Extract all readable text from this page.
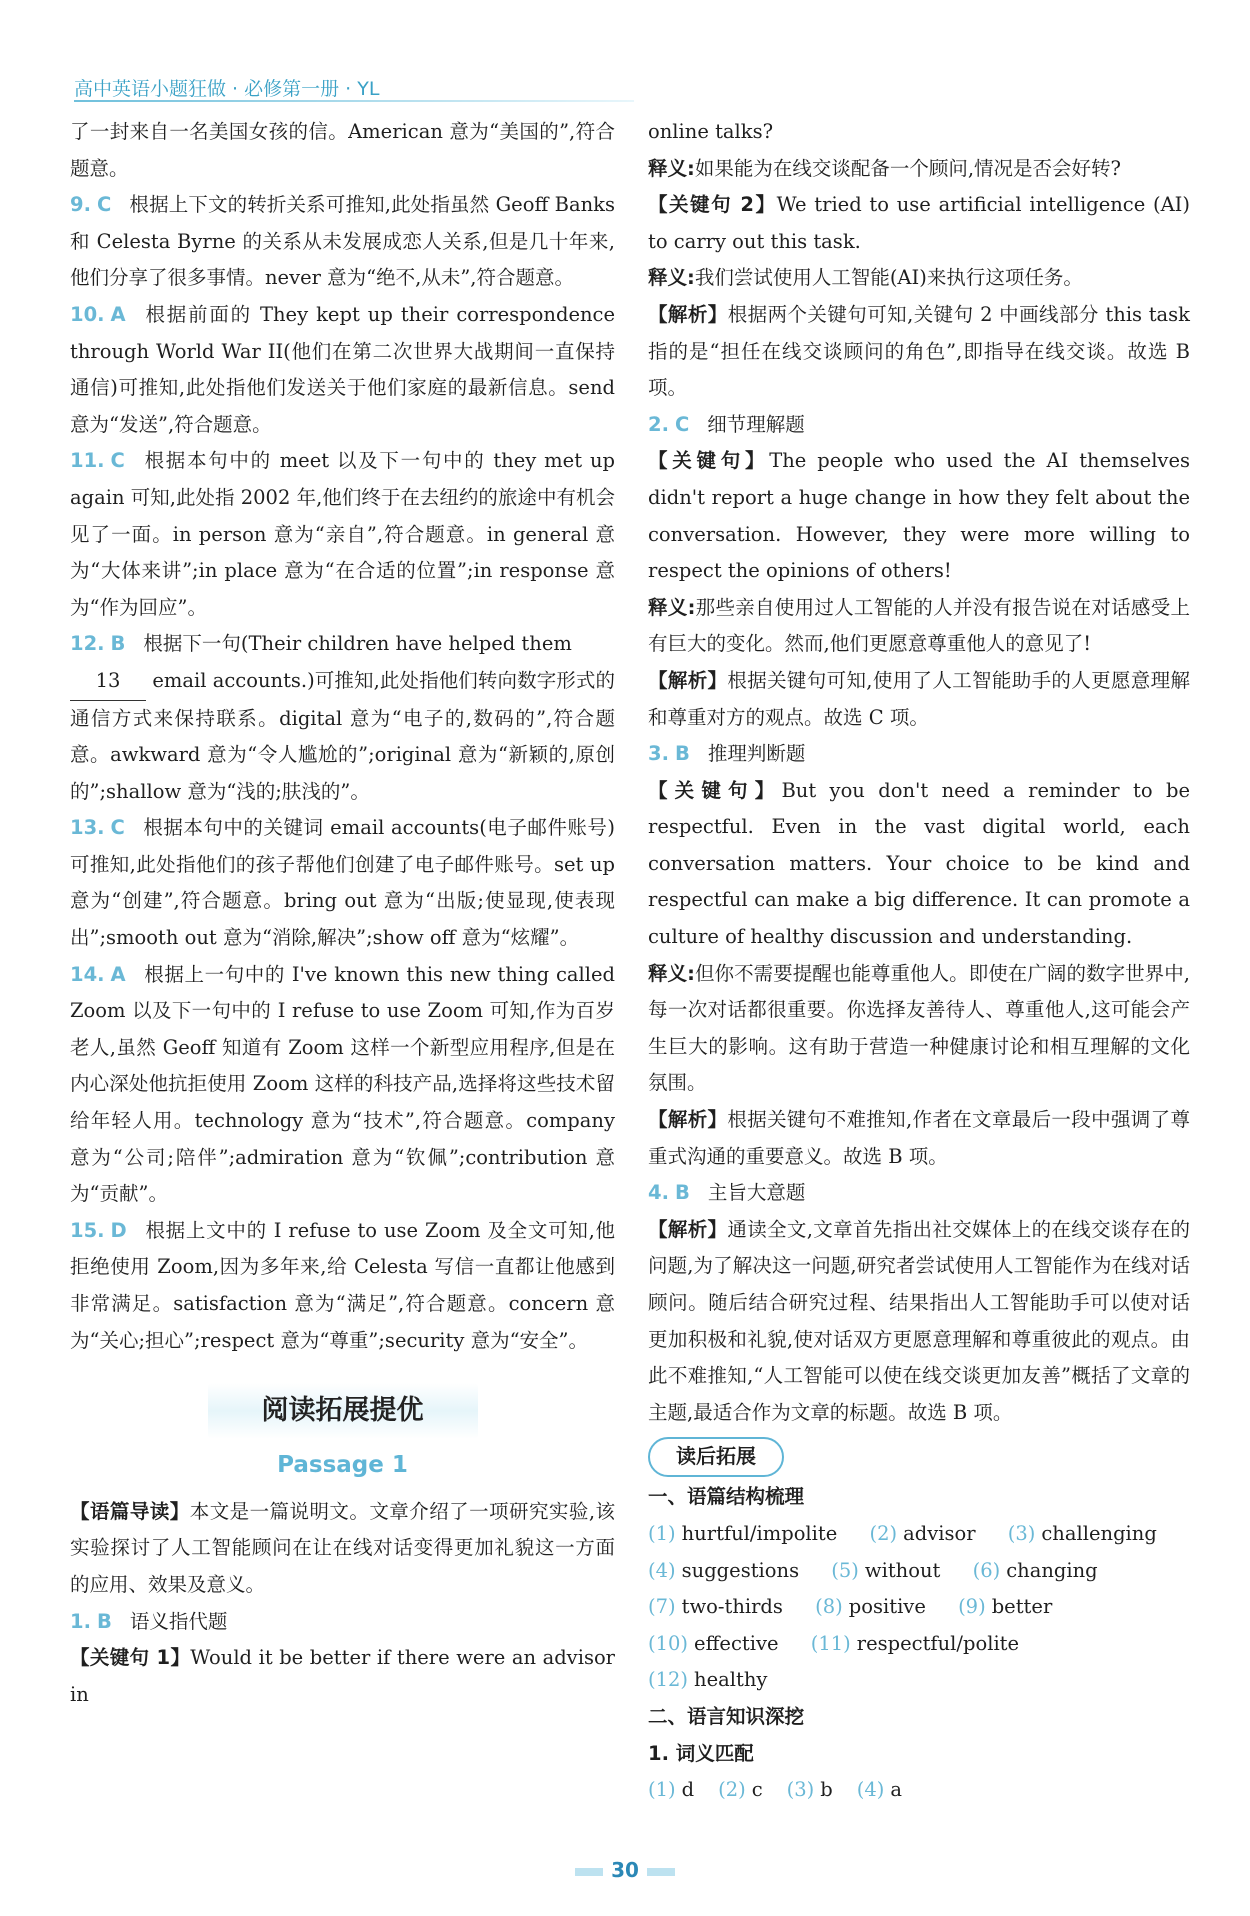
高中英语小题狂做 · 必修第一册 · YL

了一封来自一名美国女孩的信。American 意为“美国的”,符合题意。

9. C 根据上下文的转折关系可推知,此处指虽然 Geoff Banks 和 Celesta Byrne 的关系从未发展成恋人关系,但是几十年来,他们分享了很多事情。never 意为“绝不,从未”,符合题意。

10. A 根据前面的 They kept up their correspondence through World War II(他们在第二次世界大战期间一直保持通信)可推知,此处指他们发送关于他们家庭的最新信息。send 意为“发送”,符合题意。

11. C 根据本句中的 meet 以及下一句中的 they met up again 可知,此处指 2002 年,他们终于在去纽约的旅途中有机会见了一面。in person 意为“亲自”,符合题意。in general 意为“大体来讲”;in place 意为“在合适的位置”;in response 意为“作为回应”。

12. B 根据下一句(Their children have helped them
13 email accounts.)可推知,此处指他们转向数字形式的通信方式来保持联系。digital 意为“电子的,数码的”,符合题意。awkward 意为“令人尴尬的”;original 意为“新颖的,原创的”;shallow 意为“浅的;肤浅的”。

13. C 根据本句中的关键词 email accounts(电子邮件账号)可推知,此处指他们的孩子帮他们创建了电子邮件账号。set up 意为“创建”,符合题意。bring out 意为“出版;使显现,使表现出”;smooth out 意为“消除,解决”;show off 意为“炫耀”。

14. A 根据上一句中的 I've known this new thing called Zoom 以及下一句中的 I refuse to use Zoom 可知,作为百岁老人,虽然 Geoff 知道有 Zoom 这样一个新型应用程序,但是在内心深处他抗拒使用 Zoom 这样的科技产品,选择将这些技术留给年轻人用。technology 意为“技术”,符合题意。company 意为“公司;陪伴”;admiration 意为“钦佩”;contribution 意为“贡献”。

15. D 根据上文中的 I refuse to use Zoom 及全文可知,他拒绝使用 Zoom,因为多年来,给 Celesta 写信一直都让他感到非常满足。satisfaction 意为“满足”,符合题意。concern 意为“关心;担心”;respect 意为“尊重”;security 意为“安全”。

阅读拓展提优
Passage 1

【语篇导读】本文是一篇说明文。文章介绍了一项研究实验,该实验探讨了人工智能顾问在让在线对话变得更加礼貌这一方面的应用、效果及意义。

1. B 语义指代题

【关键句 1】Would it be better if there were an advisor in

online talks?

释义:如果能为在线交谈配备一个顾问,情况是否会好转?

【关键句 2】We tried to use artificial intelligence (AI) to carry out this task.

释义:我们尝试使用人工智能(AI)来执行这项任务。

【解析】根据两个关键句可知,关键句 2 中画线部分 this task 指的是“担任在线交谈顾问的角色”,即指导在线交谈。故选 B 项。

2. C 细节理解题

【关键句】The people who used the AI themselves didn't report a huge change in how they felt about the conversation. However, they were more willing to respect the opinions of others!

释义:那些亲自使用过人工智能的人并没有报告说在对话感受上有巨大的变化。然而,他们更愿意尊重他人的意见了!

【解析】根据关键句可知,使用了人工智能助手的人更愿意理解和尊重对方的观点。故选 C 项。

3. B 推理判断题

【关键句】But you don't need a reminder to be respectful. Even in the vast digital world, each conversation matters. Your choice to be kind and respectful can make a big difference. It can promote a culture of healthy discussion and understanding.

释义:但你不需要提醒也能尊重他人。即使在广阔的数字世界中,每一次对话都很重要。你选择友善待人、尊重他人,这可能会产生巨大的影响。这有助于营造一种健康讨论和相互理解的文化氛围。

【解析】根据关键句不难推知,作者在文章最后一段中强调了尊重式沟通的重要意义。故选 B 项。

4. B 主旨大意题

【解析】通读全文,文章首先指出社交媒体上的在线交谈存在的问题,为了解决这一问题,研究者尝试使用人工智能作为在线对话顾问。随后结合研究过程、结果指出人工智能助手可以使对话更加积极和礼貌,使对话双方更愿意理解和尊重彼此的观点。由此不难推知,“人工智能可以使在线交谈更加友善”概括了文章的主题,最适合作为文章的标题。故选 B 项。

读后拓展

一、语篇结构梳理

(1) hurtful/impolite (2) advisor (3) challenging (4) suggestions (5) without (6) changing (7) two-thirds (8) positive (9) better (10) effective (11) respectful/polite (12) healthy

二、语言知识深挖

1. 词义匹配

(1) d (2) c (3) b (4) a

30
